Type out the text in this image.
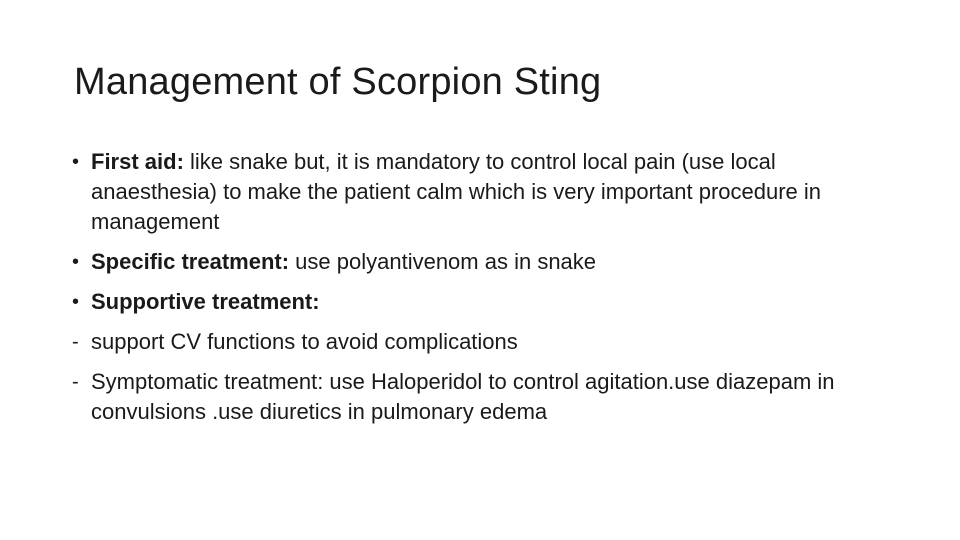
Management of Scorpion Sting
• First aid: like snake but, it is mandatory to control local pain (use local anaesthesia) to make the patient calm which is very important procedure in management
• Specific treatment: use polyantivenom as in snake
• Supportive treatment:
- support CV functions to avoid complications
- Symptomatic treatment: use Haloperidol to control agitation.use diazepam in convulsions .use diuretics in pulmonary edema
